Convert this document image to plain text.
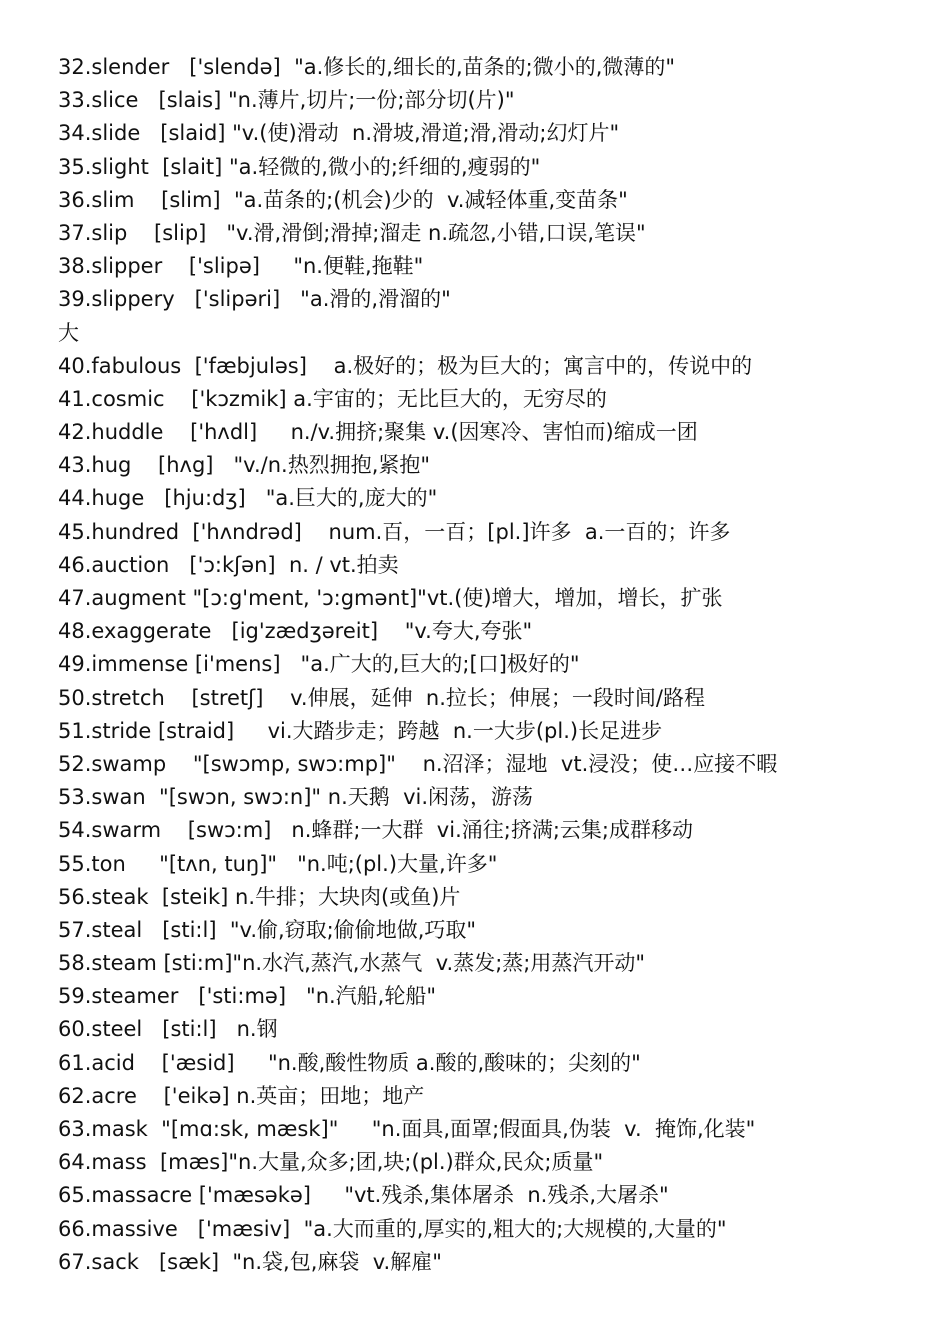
32.slender   ['slendə]  "a.修长的,细长的,苗条的;微小的,微薄的"
33.slice   [slais] "n.薄片,切片;一份;部分切(片)"
34.slide   [slaid] "v.(使)滑动  n.滑坡,滑道;滑,滑动;幻灯片"
35.slight  [slait] "a.轻微的,微小的;纤细的,瘦弱的"
36.slim    [slim]  "a.苗条的;(机会)少的  v.减轻体重,变苗条"
37.slip    [slip]   "v.滑,滑倒;滑掉;溜走 n.疏忽,小错,口误,笔误"
38.slipper    ['slipə]     "n.便鞋,拖鞋"
39.slippery   ['slipəri]   "a.滑的,滑溜的"
大
40.fabulous  ['fæbjuləs]    a.极好的；极为巨大的；寓言中的，传说中的
41.cosmic    ['kɔzmik] a.宇宙的；无比巨大的，无穷尽的
42.huddle    ['hʌdl]     n./v.拥挤;聚集 v.(因寒冷、害怕而)缩成一团
43.hug    [hʌg]   "v./n.热烈拥抱,紧抱"
44.huge   [hju:dʒ]   "a.巨大的,庞大的"
45.hundred  ['hʌndrəd]    num.百，一百；[pl.]许多  a.一百的；许多
46.auction   ['ɔ:kʃən]  n. / vt.拍卖
47.augment "[ɔ:g'ment, 'ɔ:gmənt]"vt.(使)增大，增加，增长，扩张
48.exaggerate   [ig'zædʒəreit]    "v.夸大,夸张"
49.immense [i'mens]   "a.广大的,巨大的;[口]极好的"
50.stretch    [stretʃ]    v.伸展，延伸  n.拉长；伸展；一段时间/路程
51.stride [straid]     vi.大踏步走；跨越  n.一大步(pl.)长足进步
52.swamp    "[swɔmp, swɔ:mp]"    n.沼泽；湿地  vt.浸没；使…应接不暇
53.swan  "[swɔn, swɔ:n]" n.天鹅  vi.闲荡，游荡
54.swarm    [swɔ:m]   n.蜂群;一大群  vi.涌往;挤满;云集;成群移动
55.ton     "[tʌn, tuŋ]"   "n.吨;(pl.)大量,许多"
56.steak  [steik] n.牛排；大块肉(或鱼)片
57.steal   [sti:l]  "v.偷,窃取;偷偷地做,巧取"
58.steam [sti:m]"n.水汽,蒸汽,水蒸气  v.蒸发;蒸;用蒸汽开动"
59.steamer   ['sti:mə]   "n.汽船,轮船"
60.steel   [sti:l]   n.钢
61.acid    ['æsid]     "n.酸,酸性物质 a.酸的,酸味的；尖刻的"
62.acre    ['eikə] n.英亩；田地；地产
63.mask  "[mɑ:sk, mæsk]"     "n.面具,面罩;假面具,伪装  v.  掩饰,化装"
64.mass  [mæs]"n.大量,众多;团,块;(pl.)群众,民众;质量"
65.massacre ['mæsəkə]     "vt.残杀,集体屠杀  n.残杀,大屠杀"
66.massive   ['mæsiv]  "a.大而重的,厚实的,粗大的;大规模的,大量的"
67.sack   [sæk]  "n.袋,包,麻袋  v.解雇"
